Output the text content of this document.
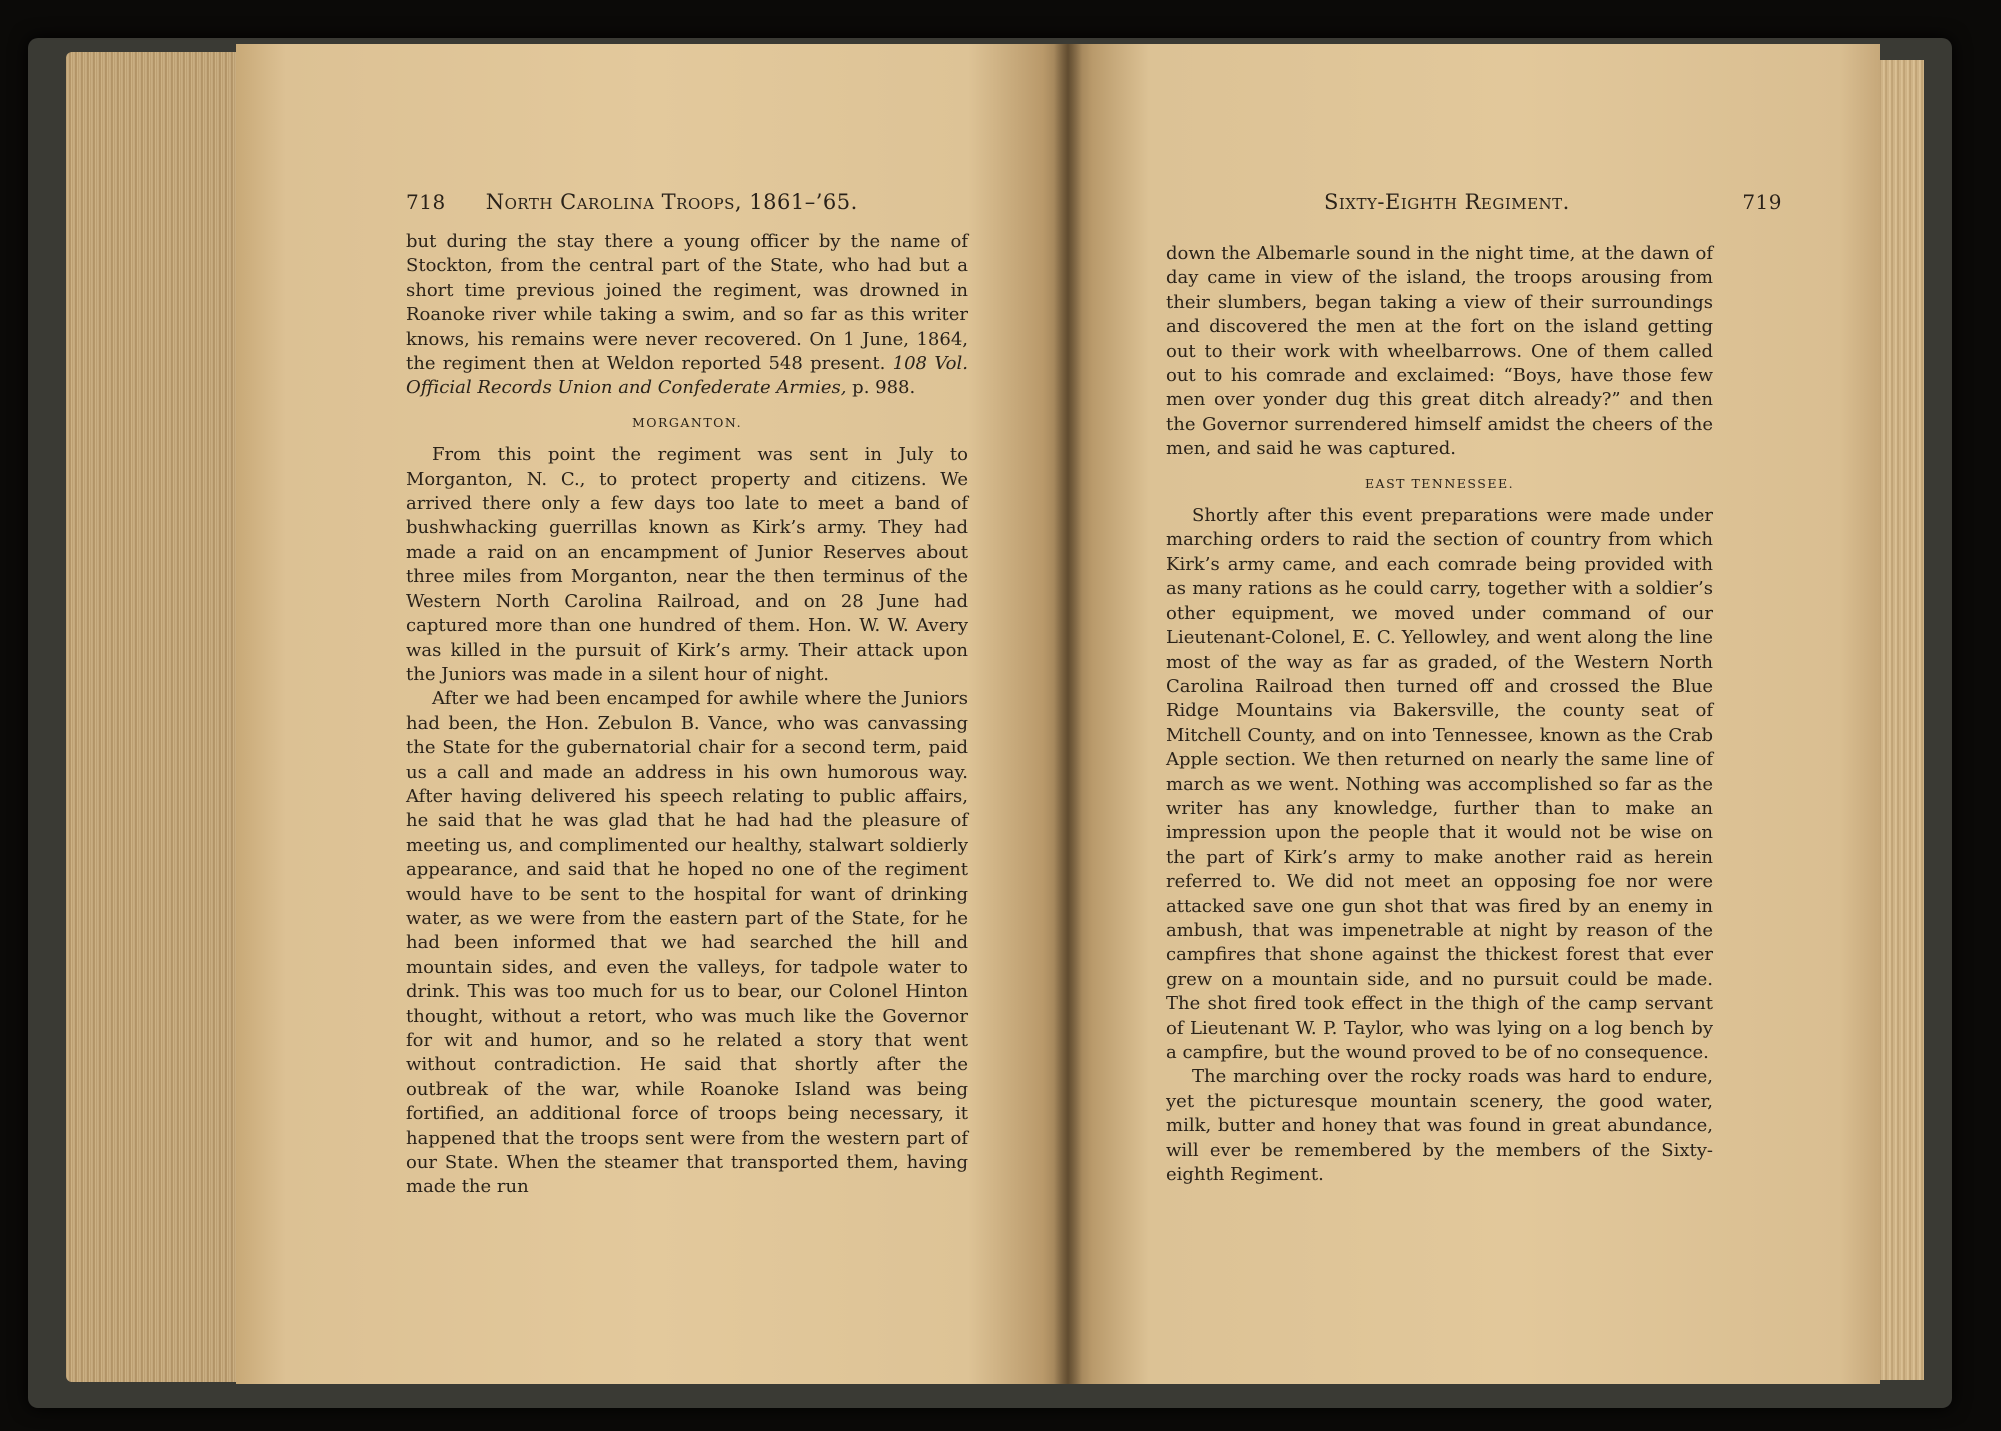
718 North Carolina Troops, 1861–’65.

but during the stay there a young officer by the name of Stockton, from the central part of the State, who had but a short time previous joined the regiment, was drowned in Roanoke river while taking a swim, and so far as this writer knows, his remains were never recovered. On 1 June, 1864, the regiment then at Weldon reported 548 present. 108 Vol. Official Records Union and Confederate Armies, p. 988.

MORGANTON.

From this point the regiment was sent in July to Morganton, N. C., to protect property and citizens. We arrived there only a few days too late to meet a band of bushwhacking guerrillas known as Kirk’s army. They had made a raid on an encampment of Junior Reserves about three miles from Morganton, near the then terminus of the Western North Carolina Railroad, and on 28 June had captured more than one hundred of them. Hon. W. W. Avery was killed in the pursuit of Kirk’s army. Their attack upon the Juniors was made in a silent hour of night.

After we had been encamped for awhile where the Juniors had been, the Hon. Zebulon B. Vance, who was canvassing the State for the gubernatorial chair for a second term, paid us a call and made an address in his own humorous way. After having delivered his speech relating to public affairs, he said that he was glad that he had had the pleasure of meeting us, and complimented our healthy, stalwart soldierly appearance, and said that he hoped no one of the regiment would have to be sent to the hospital for want of drinking water, as we were from the eastern part of the State, for he had been informed that we had searched the hill and mountain sides, and even the valleys, for tadpole water to drink. This was too much for us to bear, our Colonel Hinton thought, without a retort, who was much like the Governor for wit and humor, and so he related a story that went without contradiction. He said that shortly after the outbreak of the war, while Roanoke Island was being fortified, an additional force of troops being necessary, it happened that the troops sent were from the western part of our State. When the steamer that transported them, having made the run

Sixty-Eighth Regiment.	719

down the Albemarle sound in the night time, at the dawn of day came in view of the island, the troops arousing from their slumbers, began taking a view of their surroundings and discovered the men at the fort on the island getting out to their work with wheelbarrows. One of them called out to his comrade and exclaimed: “Boys, have those few men over yonder dug this great ditch already?” and then the Governor surrendered himself amidst the cheers of the men, and said he was captured.

EAST TENNESSEE.

Shortly after this event preparations were made under marching orders to raid the section of country from which Kirk’s army came, and each comrade being provided with as many rations as he could carry, together with a soldier’s other equipment, we moved under command of our Lieutenant-Colonel, E. C. Yellowley, and went along the line most of the way as far as graded, of the Western North Carolina Railroad then turned off and crossed the Blue Ridge Mountains via Bakersville, the county seat of Mitchell County, and on into Tennessee, known as the Crab Apple section. We then returned on nearly the same line of march as we went. Nothing was accomplished so far as the writer has any knowledge, further than to make an impression upon the people that it would not be wise on the part of Kirk’s army to make another raid as herein referred to. We did not meet an opposing foe nor were attacked save one gun shot that was fired by an enemy in ambush, that was impenetrable at night by reason of the campfires that shone against the thickest forest that ever grew on a mountain side, and no pursuit could be made. The shot fired took effect in the thigh of the camp servant of Lieutenant W. P. Taylor, who was lying on a log bench by a campfire, but the wound proved to be of no consequence.

The marching over the rocky roads was hard to endure, yet the picturesque mountain scenery, the good water, milk, butter and honey that was found in great abundance, will ever be remembered by the members of the Sixty-eighth Regiment.
